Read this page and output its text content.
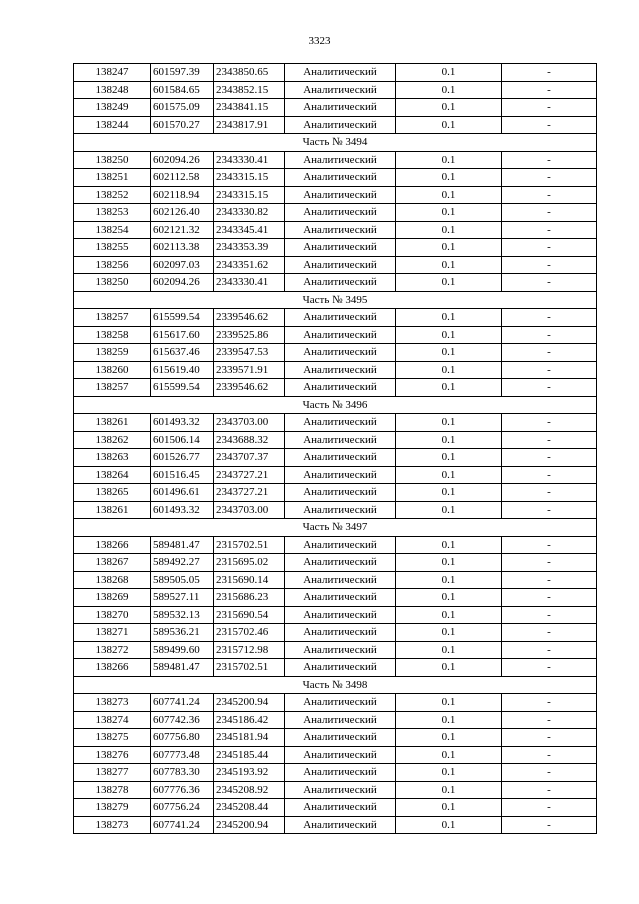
3323
138247	601597.39	2343850.65	Аналитический	0.1	-
138248	601584.65	2343852.15	Аналитический	0.1	-
138249	601575.09	2343841.15	Аналитический	0.1	-
138244	601570.27	2343817.91	Аналитический	0.1	-
Часть № 3494					
138250	602094.26	2343330.41	Аналитический	0.1	-
138251	602112.58	2343315.15	Аналитический	0.1	-
138252	602118.94	2343315.15	Аналитический	0.1	-
138253	602126.40	2343330.82	Аналитический	0.1	-
138254	602121.32	2343345.41	Аналитический	0.1	-
138255	602113.38	2343353.39	Аналитический	0.1	-
138256	602097.03	2343351.62	Аналитический	0.1	-
138250	602094.26	2343330.41	Аналитический	0.1	-
Часть № 3495					
138257	615599.54	2339546.62	Аналитический	0.1	-
138258	615617.60	2339525.86	Аналитический	0.1	-
138259	615637.46	2339547.53	Аналитический	0.1	-
138260	615619.40	2339571.91	Аналитический	0.1	-
138257	615599.54	2339546.62	Аналитический	0.1	-
Часть № 3496					
138261	601493.32	2343703.00	Аналитический	0.1	-
138262	601506.14	2343688.32	Аналитический	0.1	-
138263	601526.77	2343707.37	Аналитический	0.1	-
138264	601516.45	2343727.21	Аналитический	0.1	-
138265	601496.61	2343727.21	Аналитический	0.1	-
138261	601493.32	2343703.00	Аналитический	0.1	-
Часть № 3497					
138266	589481.47	2315702.51	Аналитический	0.1	-
138267	589492.27	2315695.02	Аналитический	0.1	-
138268	589505.05	2315690.14	Аналитический	0.1	-
138269	589527.11	2315686.23	Аналитический	0.1	-
138270	589532.13	2315690.54	Аналитический	0.1	-
138271	589536.21	2315702.46	Аналитический	0.1	-
138272	589499.60	2315712.98	Аналитический	0.1	-
138266	589481.47	2315702.51	Аналитический	0.1	-
Часть № 3498					
138273	607741.24	2345200.94	Аналитический	0.1	-
138274	607742.36	2345186.42	Аналитический	0.1	-
138275	607756.80	2345181.94	Аналитический	0.1	-
138276	607773.48	2345185.44	Аналитический	0.1	-
138277	607783.30	2345193.92	Аналитический	0.1	-
138278	607776.36	2345208.92	Аналитический	0.1	-
138279	607756.24	2345208.44	Аналитический	0.1	-
138273	607741.24	2345200.94	Аналитический	0.1	-
